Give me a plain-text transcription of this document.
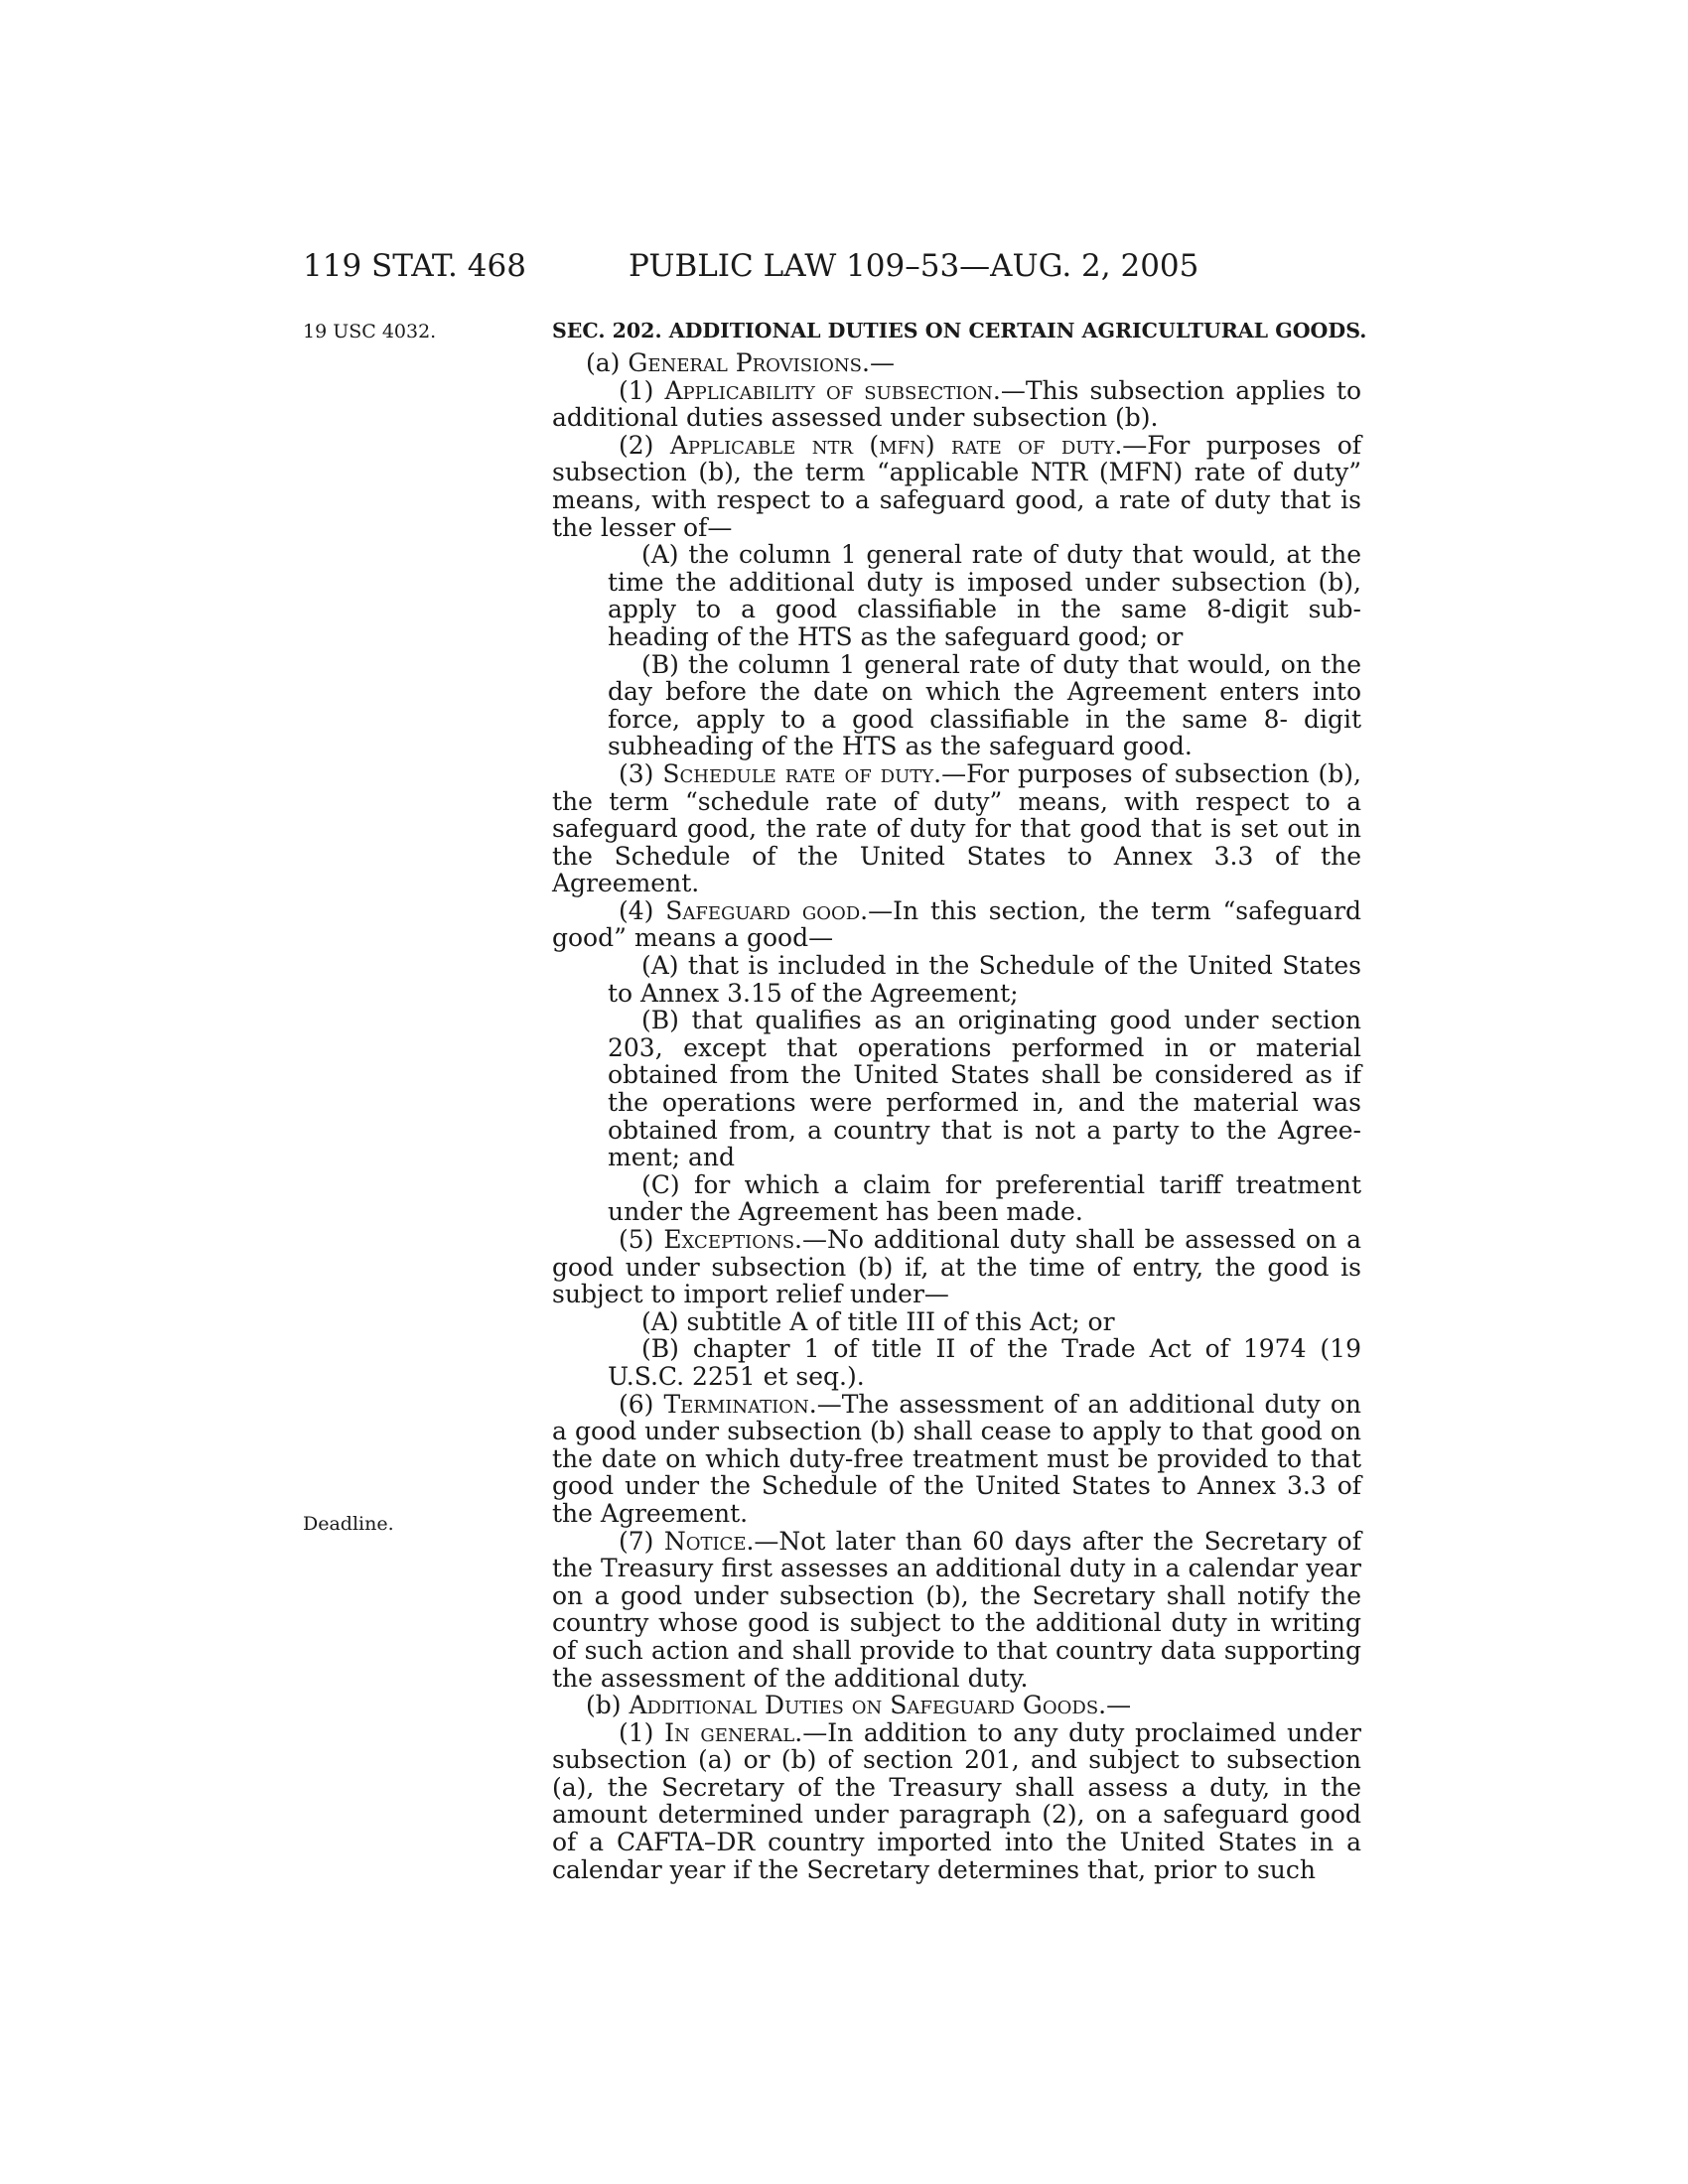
119 STAT. 468	PUBLIC LAW 109–53—AUG. 2, 2005
19 USC 4032.
Deadline.
SEC. 202. ADDITIONAL DUTIES ON CERTAIN AGRICULTURAL GOODS.

(a) General Provisions.—

(1) Applicability of subsection.—This subsection applies to additional duties assessed under subsection (b).

(2) Applicable ntr (mfn) rate of duty.—For purposes of subsection (b), the term “applicable NTR (MFN) rate of duty” means, with respect to a safeguard good, a rate of duty that is the lesser of—

(A) the column 1 general rate of duty that would, at the time the additional duty is imposed under subsection (b), apply to a good classifiable in the same 8-digit sub- heading of the HTS as the safeguard good; or

(B) the column 1 general rate of duty that would, on the day before the date on which the Agreement enters into force, apply to a good classifiable in the same 8- digit subheading of the HTS as the safeguard good.

(3) Schedule rate of duty.—For purposes of subsection (b), the term “schedule rate of duty” means, with respect to a safeguard good, the rate of duty for that good that is set out in the Schedule of the United States to Annex 3.3 of the Agreement.

(4) Safeguard good.—In this section, the term “safeguard good” means a good—

(A) that is included in the Schedule of the United States to Annex 3.15 of the Agreement;

(B) that qualifies as an originating good under section 203, except that operations performed in or material obtained from the United States shall be considered as if the operations were performed in, and the material was obtained from, a country that is not a party to the Agree- ment; and

(C) for which a claim for preferential tariff treatment under the Agreement has been made.

(5) Exceptions.—No additional duty shall be assessed on a good under subsection (b) if, at the time of entry, the good is subject to import relief under—

(A) subtitle A of title III of this Act; or

(B) chapter 1 of title II of the Trade Act of 1974 (19 U.S.C. 2251 et seq.).

(6) Termination.—The assessment of an additional duty on a good under subsection (b) shall cease to apply to that good on the date on which duty-free treatment must be provided to that good under the Schedule of the United States to Annex 3.3 of the Agreement.

(7) Notice.—Not later than 60 days after the Secretary of the Treasury first assesses an additional duty in a calendar year on a good under subsection (b), the Secretary shall notify the country whose good is subject to the additional duty in writing of such action and shall provide to that country data supporting the assessment of the additional duty.

(b) Additional Duties on Safeguard Goods.—

(1) In general.—In addition to any duty proclaimed under subsection (a) or (b) of section 201, and subject to subsection (a), the Secretary of the Treasury shall assess a duty, in the amount determined under paragraph (2), on a safeguard good of a CAFTA–DR country imported into the United States in a calendar year if the Secretary determines that, prior to such
